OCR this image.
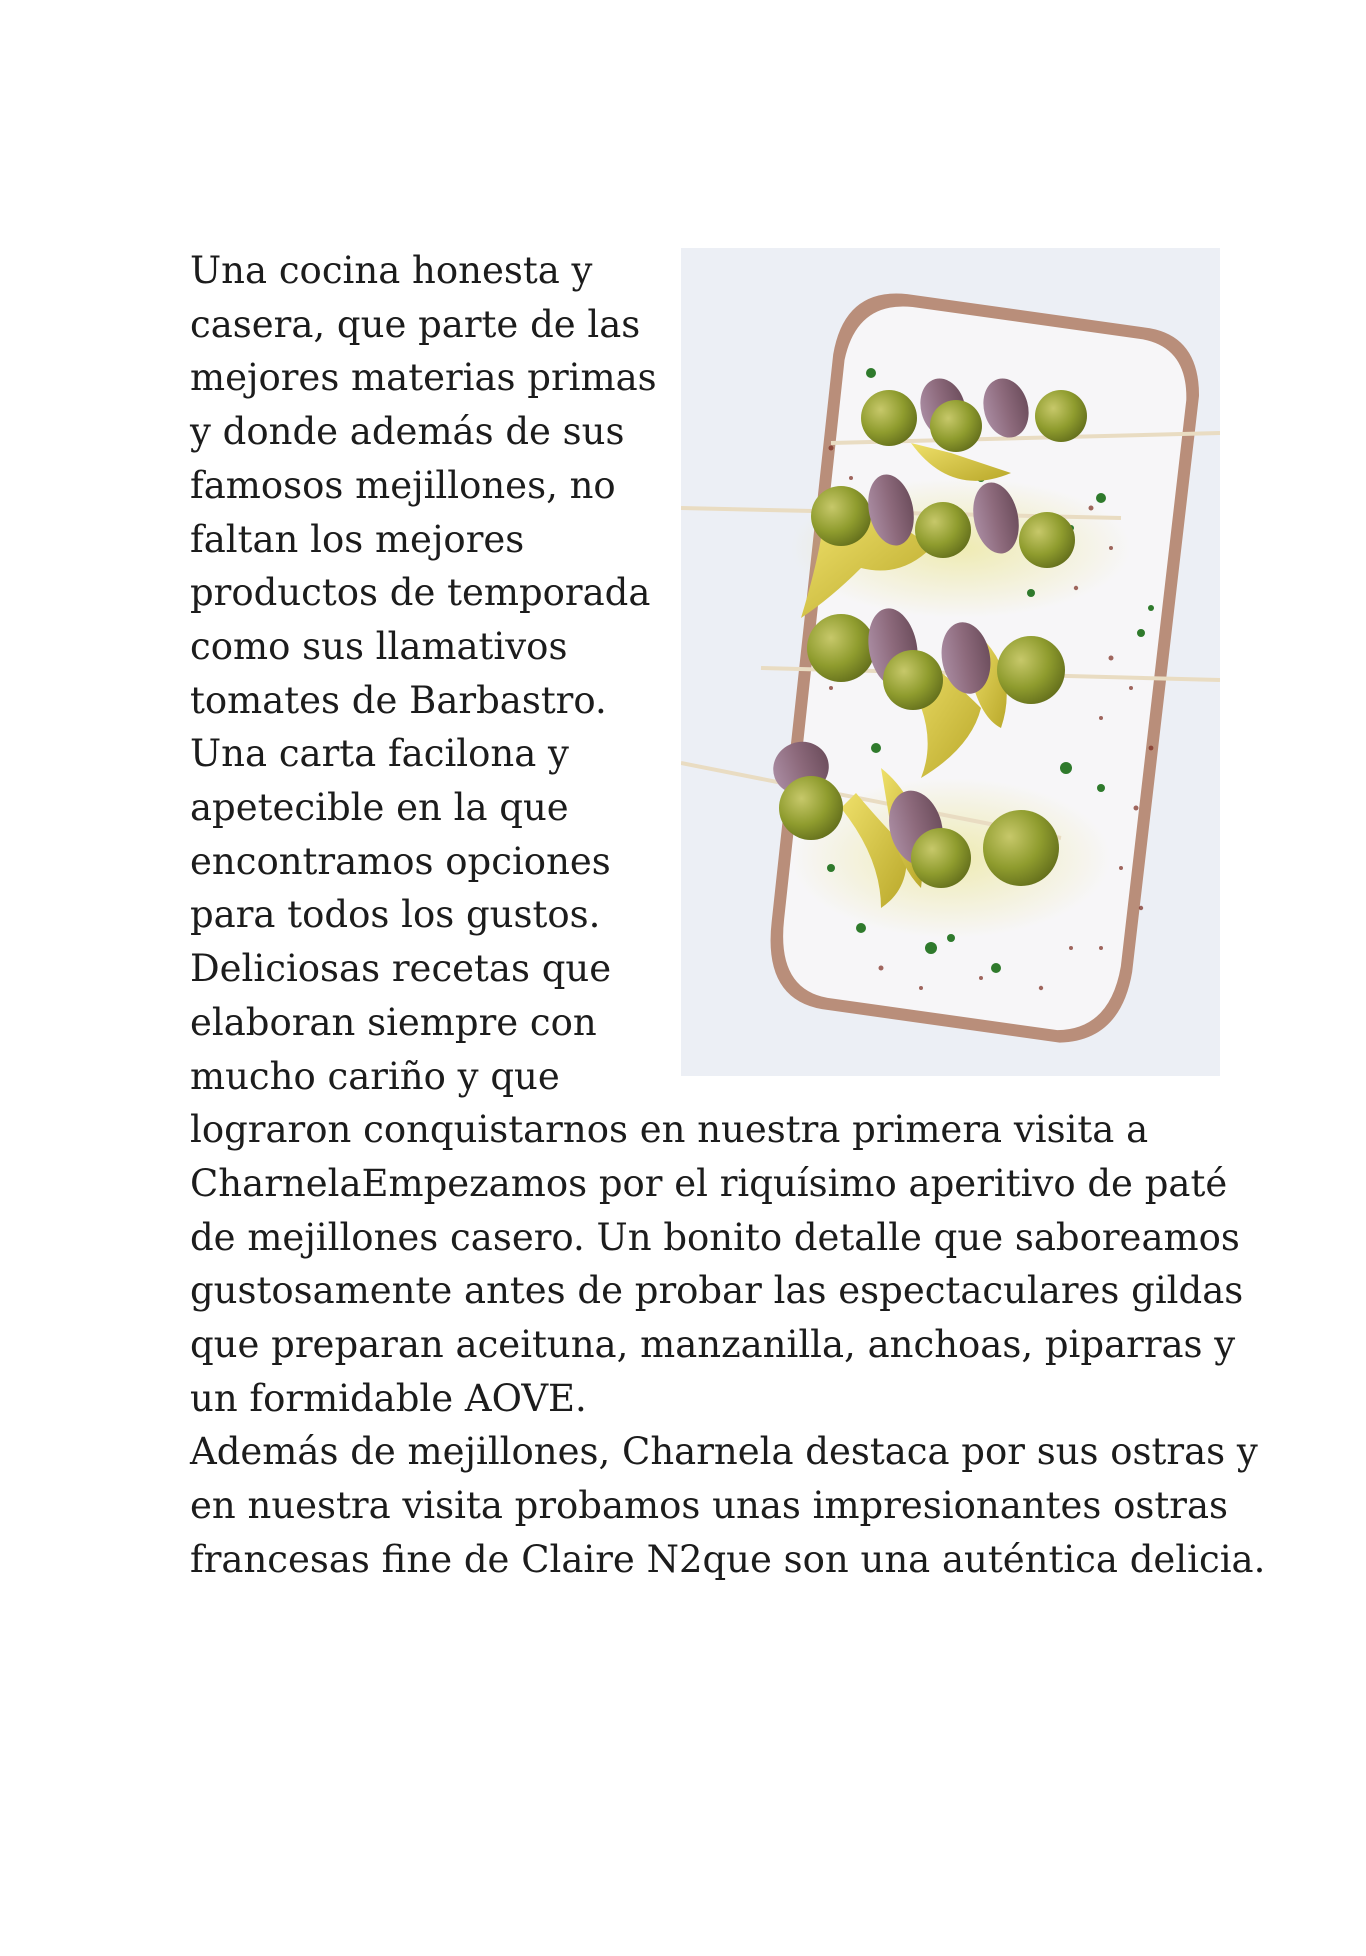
Una cocina honesta y
casera, que parte de las
mejores materias primas
y donde además de sus
famosos mejillones, no
faltan los mejores
productos de temporada
como sus llamativos
tomates de Barbastro.
Una carta facilona y
apetecible en la que
encontramos opciones
para todos los gustos.
Deliciosas recetas que
elaboran siempre con
mucho cariño y que
lograron conquistarnos en nuestra primera visita a
CharnelaEmpezamos por el riquísimo aperitivo de paté
de mejillones casero. Un bonito detalle que saboreamos
gustosamente antes de probar las espectaculares gildas
que preparan aceituna, manzanilla, anchoas, piparras y
un formidable AOVE.
Además de mejillones, Charnela destaca por sus ostras y
en nuestra visita probamos unas impresionantes ostras
francesas fine de Claire N2que son una auténtica delicia.
